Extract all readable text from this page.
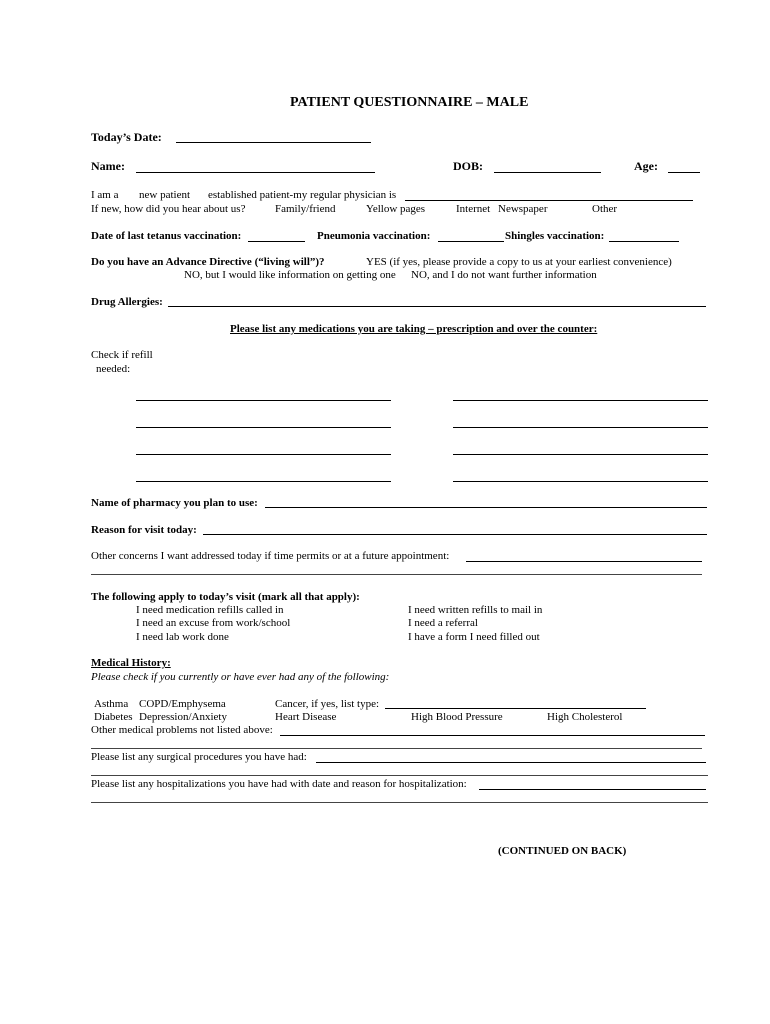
PATIENT QUESTIONNAIRE – MALE
Today’s Date:
Name:	DOB:	Age:
I am a new patient established patient-my regular physician is
If new, how did you hear about us?	Family/friend	Yellow pages	Internet Newspaper	Other
Date of last tetanus vaccination:	Pneumonia vaccination:	Shingles vaccination:
Do you have an Advance Directive (“living will”)?	YES (if yes, please provide a copy to us at your earliest convenience)
NO, but I would like information on getting one NO, and I do not want further information
Drug Allergies:
Please list any medications you are taking – prescription and over the counter:
Check if refill
needed:
Name of pharmacy you plan to use:
Reason for visit today:
Other concerns I want addressed today if time permits or at a future appointment:
The following apply to today’s visit (mark all that apply):
I need medication refills called in
I need an excuse from work/school
I need lab work done
I need written refills to mail in
I need a referral
I have a form I need filled out
Medical History:
Please check if you currently or have ever had any of the following:
Asthma COPD/Emphysema	Cancer, if yes, list type:
Diabetes Depression/Anxiety	Heart Disease	High Blood Pressure	High Cholesterol
Other medical problems not listed above:
Please list any surgical procedures you have had:
Please list any hospitalizations you have had with date and reason for hospitalization:
(CONTINUED ON BACK)
